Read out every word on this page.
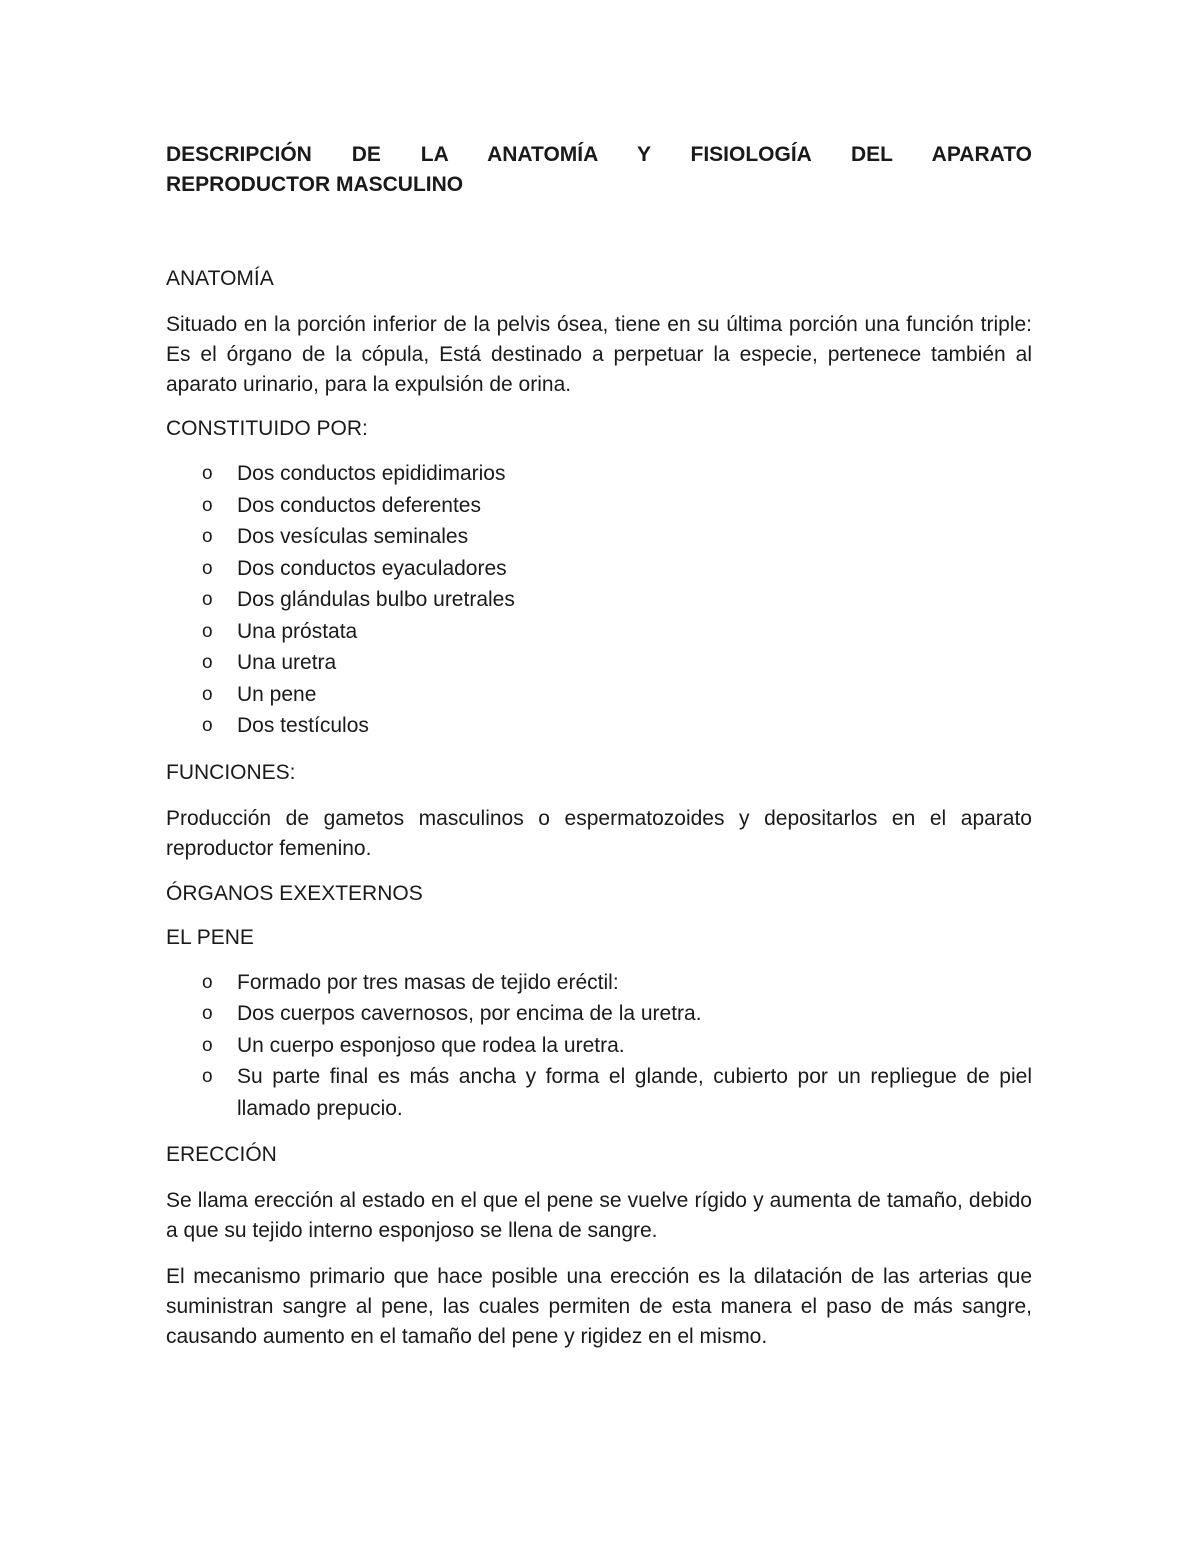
DESCRIPCIÓN DE LA ANATOMÍA Y FISIOLOGÍA DEL APARATO
REPRODUCTOR MASCULINO

ANATOMÍA

Situado en la porción inferior de la pelvis ósea, tiene en su última porción una función triple: Es el órgano de la cópula, Está destinado a perpetuar la especie, pertenece también al aparato urinario, para la expulsión de orina.

CONSTITUIDO POR:

o Dos conductos epididimarios
o Dos conductos deferentes
o Dos vesículas seminales
o Dos conductos eyaculadores
o Dos glándulas bulbo uretrales
o Una próstata
o Una uretra
o Un pene
o Dos testículos

FUNCIONES:

Producción de gametos masculinos o espermatozoides y depositarlos en el aparato reproductor femenino.

ÓRGANOS EXEXTERNOS

EL PENE

o Formado por tres masas de tejido eréctil:
o Dos cuerpos cavernosos, por encima de la uretra.
o Un cuerpo esponjoso que rodea la uretra.
o Su parte final es más ancha y forma el glande, cubierto por un repliegue de piel llamado prepucio.

ERECCIÓN

Se llama erección al estado en el que el pene se vuelve rígido y aumenta de tamaño, debido a que su tejido interno esponjoso se llena de sangre.

El mecanismo primario que hace posible una erección es la dilatación de las arterias que suministran sangre al pene, las cuales permiten de esta manera el paso de más sangre, causando aumento en el tamaño del pene y rigidez en el mismo.
